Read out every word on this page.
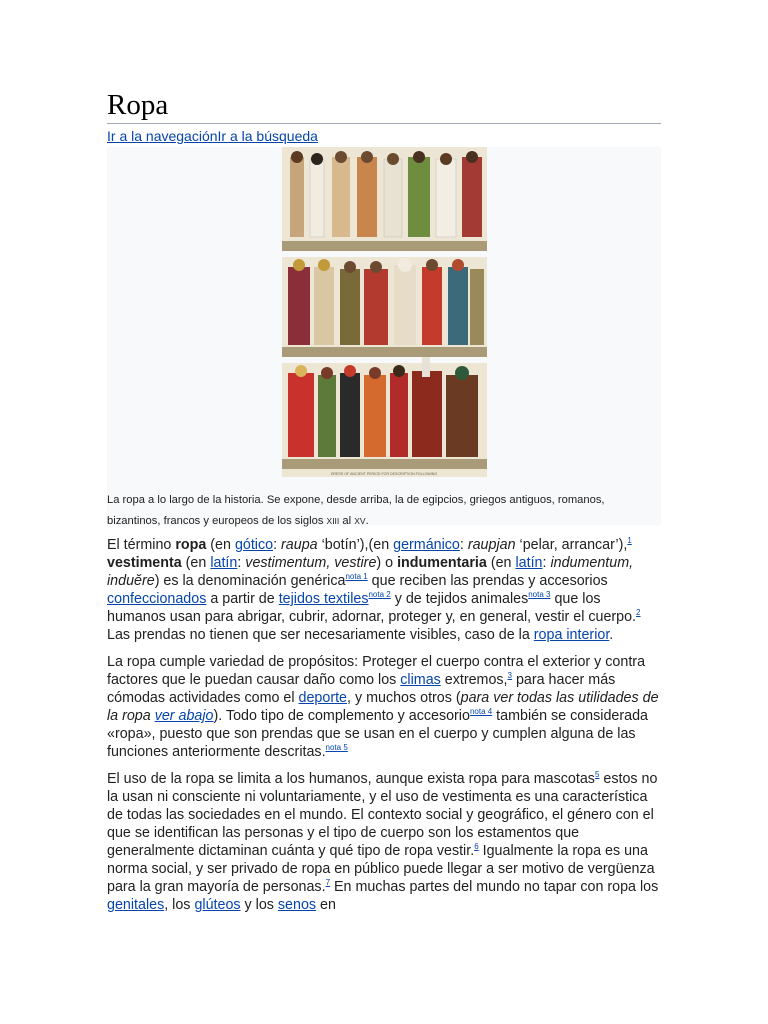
Ropa
Ir a la navegaciónIr a la búsqueda
DRESS OF ANCIENT PERIOD FOR DESCRIPTION FOLLOWING
La ropa a lo largo de la historia. Se expone, desde arriba, la de egipcios, griegos antiguos, romanos, bizantinos, francos y europeos de los siglos XIII al XV.

El término ropa (en gótico: raupa ‘botín’),(en germánico: raupjan ‘pelar, arrancar’),$^1$ vestimenta (en latín: vestimentum, vestire) o indumentaria (en latín: indumentum, induĕre) es la denominación genérica$^{nota 1}$ que reciben las prendas y accesorios confeccionados a partir de tejidos textiles$^{nota 2}$ y de tejidos animales$^{nota 3}$ que los humanos usan para abrigar, cubrir, adornar, proteger y, en general, vestir el cuerpo.$^2$ Las prendas no tienen que ser necesariamente visibles, caso de la ropa interior.

La ropa cumple variedad de propósitos: Proteger el cuerpo contra el exterior y contra factores que le puedan causar daño como los climas extremos,$^3$ para hacer más cómodas actividades como el deporte, y muchos otros (para ver todas las utilidades de la ropa ver abajo). Todo tipo de complemento y accesorio$^{nota 4}$ también se considerada «ropa», puesto que son prendas que se usan en el cuerpo y cumplen alguna de las funciones anteriormente descritas.$^{nota 5}$

El uso de la ropa se limita a los humanos, aunque exista ropa para mascotas$^5$ estos no la usan ni consciente ni voluntariamente, y el uso de vestimenta es una característica de todas las sociedades en el mundo. El contexto social y geográfico, el género con el que se identifican las personas y el tipo de cuerpo son los estamentos que generalmente dictaminan cuánta y qué tipo de ropa vestir.$^6$ Igualmente la ropa es una norma social, y ser privado de ropa en público puede llegar a ser motivo de vergüenza para la gran mayoría de personas.$^7$ En muchas partes del mundo no tapar con ropa los genitales, los glúteos y los senos en
